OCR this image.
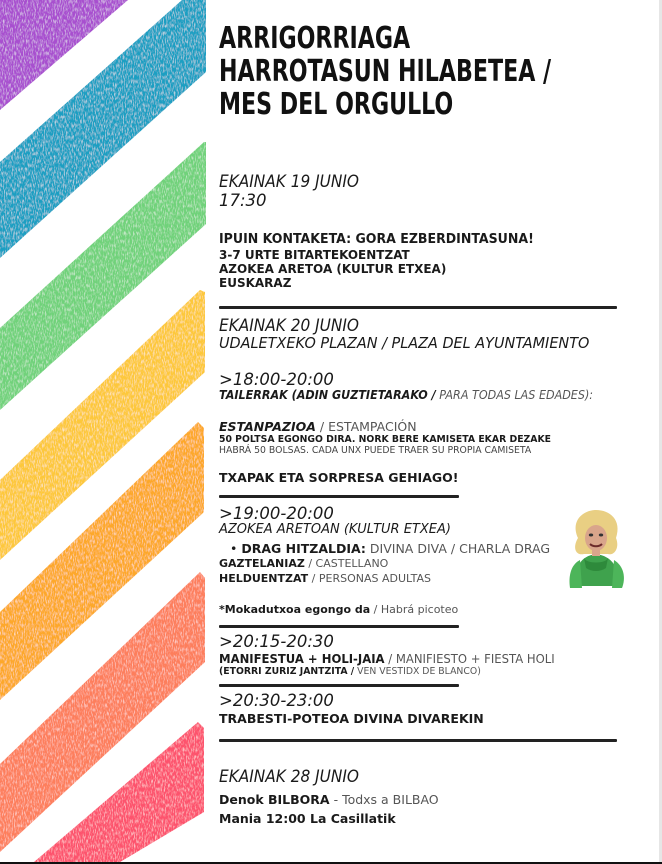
ARRIGORRIAGA
HARROTASUN HILABETEA /
MES DEL ORGULLO
EKAINAK 19 JUNIO
17:30
IPUIN KONTAKETA: GORA EZBERDINTASUNA!
3-7 URTE BITARTEKOENTZAT
AZOKEA ARETOA (KULTUR ETXEA)
EUSKARAZ
EKAINAK 20 JUNIO
UDALETXEKO PLAZAN / PLAZA DEL AYUNTAMIENTO
>18:00-20:00
TAILERRAK (ADIN GUZTIETARAKO / PARA TODAS LAS EDADES):
ESTANPAZIOA / ESTAMPACIÓN
50 POLTSA EGONGO DIRA. NORK BERE KAMISETA EKAR DEZAKE
HABRÁ 50 BOLSAS. CADA UNX PUEDE TRAER SU PROPIA CAMISETA
TXAPAK ETA SORPRESA GEHIAGO!
>19:00-20:00
AZOKEA ARETOAN (KULTUR ETXEA)
• DRAG HITZALDIA: DIVINA DIVA / CHARLA DRAG
GAZTELANIAZ / CASTELLANO
HELDUENTZAT / PERSONAS ADULTAS
*Mokadutxoa egongo da / Habrá picoteo
>20:15-20:30
MANIFESTUA + HOLI-JAIA / MANIFIESTO + FIESTA HOLI
(ETORRI ZURIZ JANTZITA / VEN VESTIDX DE BLANCO)
>20:30-23:00
TRABESTI-POTEOA DIVINA DIVAREKIN
EKAINAK 28 JUNIO
Denok BILBORA - Todxs a BILBAO
Mania 12:00 La Casillatik
